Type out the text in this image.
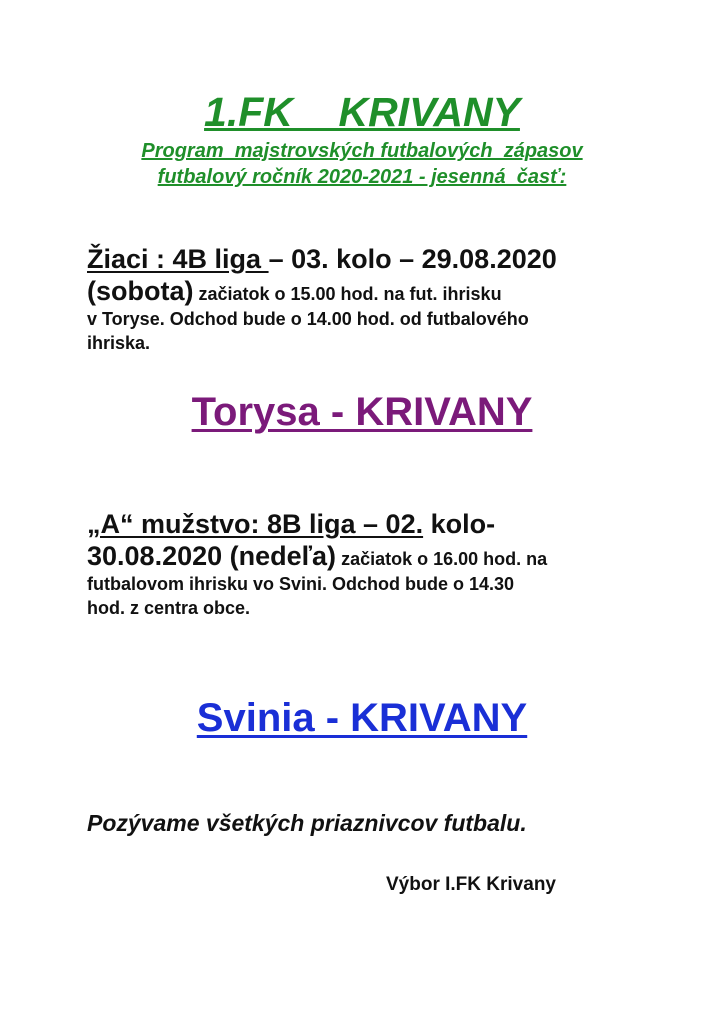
1.FK    KRIVANY
Program  majstrovských futbalových  zápasov
futbalový ročník 2020-2021 - jesenná  časť:
Žiaci : 4B liga – 03. kolo – 29.08.2020
(sobota) začiatok o 15.00 hod. na fut. ihrisku
v Toryse. Odchod bude o 14.00 hod. od futbalového
ihriska.
Torysa - KRIVANY
„A“ mužstvo: 8B liga – 02. kolo-
30.08.2020 (nedeľa) začiatok o 16.00 hod. na
futbalovom ihrisku vo Svini. Odchod bude o 14.30
hod. z centra obce.
Svinia - KRIVANY
Pozývame všetkých priaznivcov futbalu.
Výbor I.FK Krivany
